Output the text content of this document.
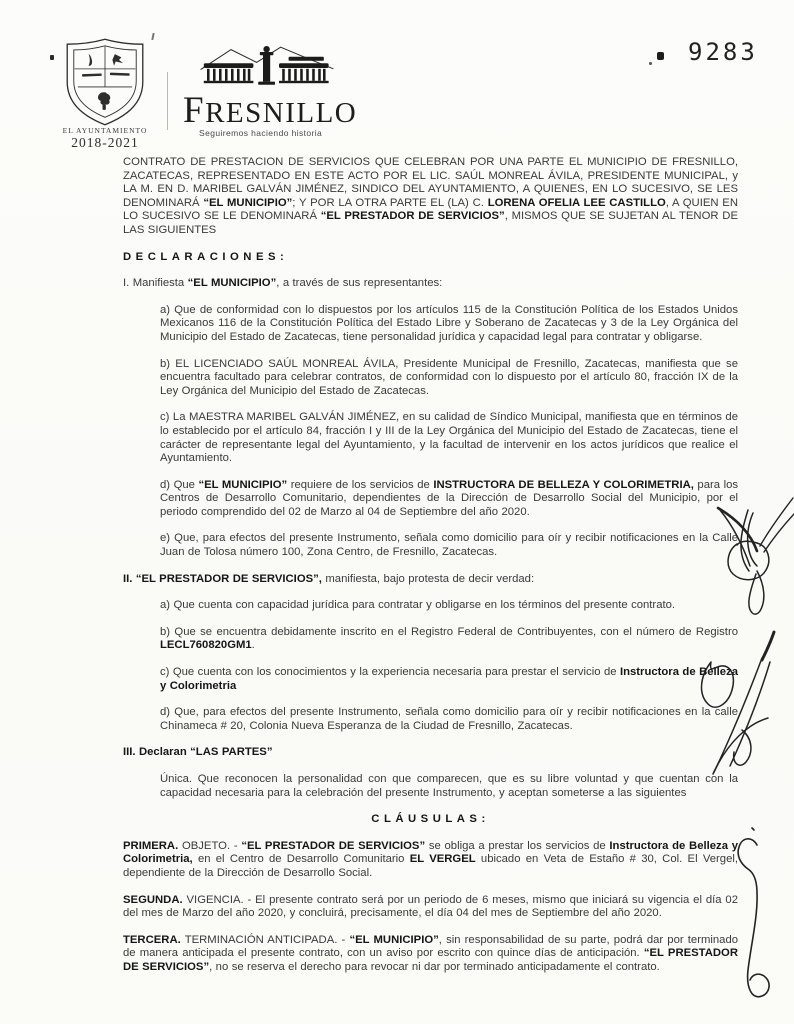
EL AYUNTAMIENTO
2018-2021
FRESNILLO
Seguiremos haciendo historia
9283
CONTRATO DE PRESTACION DE SERVICIOS QUE CELEBRAN POR UNA PARTE EL MUNICIPIO DE FRESNILLO, ZACATECAS, REPRESENTADO EN ESTE ACTO POR EL LIC. SAÚL MONREAL ÁVILA, PRESIDENTE MUNICIPAL, y LA M. EN D. MARIBEL GALVÁN JIMÉNEZ, SINDICO DEL AYUNTAMIENTO, A QUIENES, EN LO SUCESIVO, SE LES DENOMINARÁ “EL MUNICIPIO”; Y POR LA OTRA PARTE EL (LA) C. LORENA OFELIA LEE CASTILLO, A QUIEN EN LO SUCESIVO SE LE DENOMINARÁ “EL PRESTADOR DE SERVICIOS”, MISMOS QUE SE SUJETAN AL TENOR DE LAS SIGUIENTES
DECLARACIONES:
I. Manifiesta “EL MUNICIPIO”, a través de sus representantes:
a) Que de conformidad con lo dispuestos por los artículos 115 de la Constitución Política de los Estados Unidos Mexicanos 116 de la Constitución Política del Estado Libre y Soberano de Zacatecas y 3 de la Ley Orgánica del Municipio del Estado de Zacatecas, tiene personalidad jurídica y capacidad legal para contratar y obligarse.
b) EL LICENCIADO SAÚL MONREAL ÁVILA, Presidente Municipal de Fresnillo, Zacatecas, manifiesta que se encuentra facultado para celebrar contratos, de conformidad con lo dispuesto por el artículo 80, fracción IX de la Ley Orgánica del Municipio del Estado de Zacatecas.
c) La MAESTRA MARIBEL GALVÁN JIMÉNEZ, en su calidad de Síndico Municipal, manifiesta que en términos de lo establecido por el artículo 84, fracción I y III de la Ley Orgánica del Municipio del Estado de Zacatecas, tiene el carácter de representante legal del Ayuntamiento, y la facultad de intervenir en los actos jurídicos que realice el Ayuntamiento.
d) Que “EL MUNICIPIO” requiere de los servicios de INSTRUCTORA DE BELLEZA Y COLORIMETRIA, para los Centros de Desarrollo Comunitario, dependientes de la Dirección de Desarrollo Social del Municipio, por el periodo comprendido del 02 de Marzo al 04 de Septiembre del año 2020.
e) Que, para efectos del presente Instrumento, señala como domicilio para oír y recibir notificaciones en la Calle Juan de Tolosa número 100, Zona Centro, de Fresnillo, Zacatecas.
II. “EL PRESTADOR DE SERVICIOS”, manifiesta, bajo protesta de decir verdad:
a) Que cuenta con capacidad jurídica para contratar y obligarse en los términos del presente contrato.
b) Que se encuentra debidamente inscrito en el Registro Federal de Contribuyentes, con el número de Registro LECL760820GM1.
c) Que cuenta con los conocimientos y la experiencia necesaria para prestar el servicio de Instructora de Belleza y Colorimetria
d) Que, para efectos del presente Instrumento, señala como domicilio para oír y recibir notificaciones en la calle Chinameca # 20, Colonia Nueva Esperanza de la Ciudad de Fresnillo, Zacatecas.
III. Declaran “LAS PARTES”
Única. Que reconocen la personalidad con que comparecen, que es su libre voluntad y que cuentan con la capacidad necesaria para la celebración del presente Instrumento, y aceptan someterse a las siguientes
CLÁUSULAS:
PRIMERA. OBJETO. - “EL PRESTADOR DE SERVICIOS” se obliga a prestar los servicios de Instructora de Belleza y Colorimetria, en el Centro de Desarrollo Comunitario EL VERGEL ubicado en Veta de Estaño # 30, Col. El Vergel, dependiente de la Dirección de Desarrollo Social.
SEGUNDA. VIGENCIA. - El presente contrato será por un periodo de 6 meses, mismo que iniciará su vigencia el día 02 del mes de Marzo del año 2020, y concluirá, precisamente, el día 04 del mes de Septiembre del año 2020.
TERCERA. TERMINACIÓN ANTICIPADA. - “EL MUNICIPIO”, sin responsabilidad de su parte, podrá dar por terminado de manera anticipada el presente contrato, con un aviso por escrito con quince días de anticipación. “EL PRESTADOR DE SERVICIOS”, no se reserva el derecho para revocar ni dar por terminado anticipadamente el contrato.
